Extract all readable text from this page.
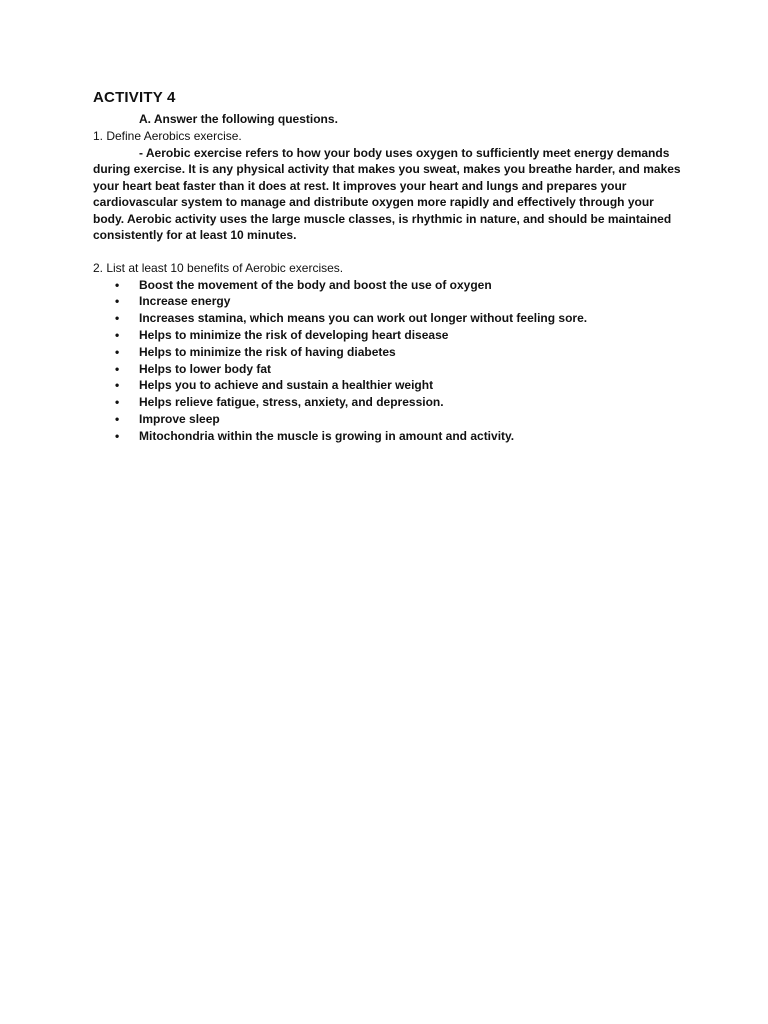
ACTIVITY 4
A. Answer the following questions.
1. Define Aerobics exercise.
- Aerobic exercise refers to how your body uses oxygen to sufficiently meet energy demands during exercise. It is any physical activity that makes you sweat, makes you breathe harder, and makes your heart beat faster than it does at rest. It improves your heart and lungs and prepares your cardiovascular system to manage and distribute oxygen more rapidly and effectively through your body. Aerobic activity uses the large muscle classes, is rhythmic in nature, and should be maintained consistently for at least 10 minutes.
2. List at least 10 benefits of Aerobic exercises.
• Boost the movement of the body and boost the use of oxygen
• Increase energy
• Increases stamina, which means you can work out longer without feeling sore.
• Helps to minimize the risk of developing heart disease
• Helps to minimize the risk of having diabetes
• Helps to lower body fat
• Helps you to achieve and sustain a healthier weight
• Helps relieve fatigue, stress, anxiety, and depression.
• Improve sleep
• Mitochondria within the muscle is growing in amount and activity.
